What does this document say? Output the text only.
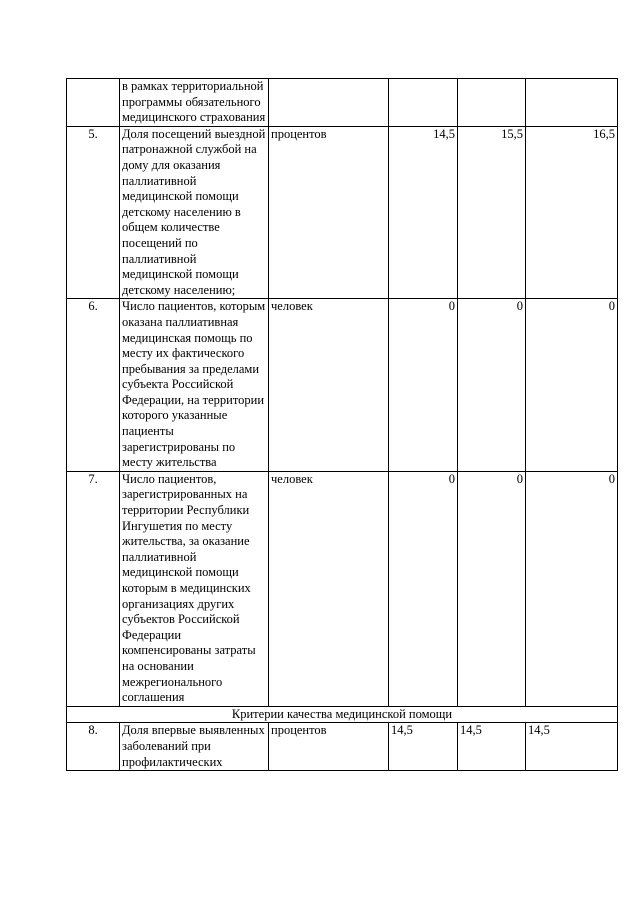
	в рамках территориальной программы обязательного медицинского страхования				
5.	Доля посещений выездной патронажной службой на дому для оказания паллиативной медицинской помощи детскому населению в общем количестве посещений по паллиативной медицинской помощи детскому населению;	процентов	14,5	15,5	16,5
6.	Число пациентов, которым оказана паллиативная медицинская помощь по месту их фактического пребывания за пределами субъекта Российской Федерации, на территории которого указанные пациенты зарегистрированы по месту жительства	человек	0	0	0
7.	Число пациентов, зарегистрированных на территории Республики Ингушетия по месту жительства, за оказание паллиативной медицинской помощи которым в медицинских организациях других субъектов Российской Федерации компенсированы затраты на основании межрегионального соглашения	человек	0	0	0
Критерии качества медицинской помощи					
8.	Доля впервые выявленных заболеваний при профилактических	процентов	14,5	14,5	14,5
